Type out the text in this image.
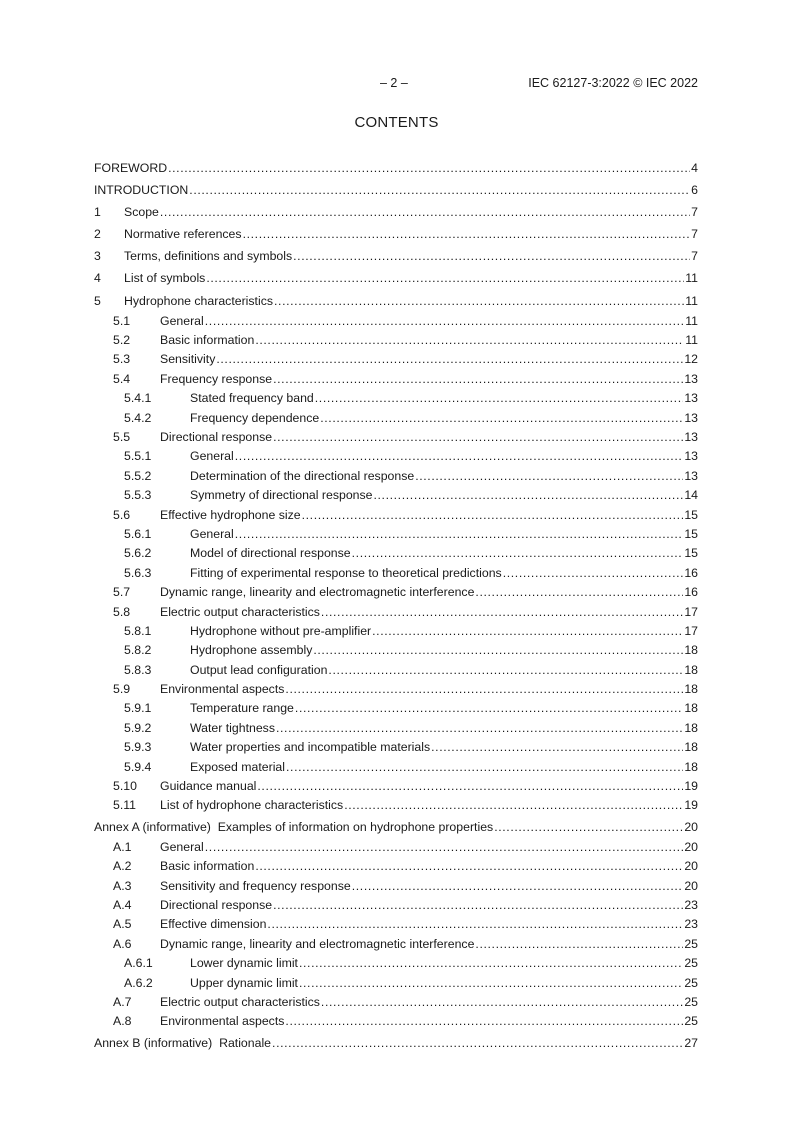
– 2 –	IEC 62127-3:2022 © IEC 2022
CONTENTS
FOREWORD . . .	4
INTRODUCTION . . .	6
1	Scope . . .	7
2	Normative references . . .	7
3	Terms, definitions and symbols . . .	7
4	List of symbols . . .	11
5	Hydrophone characteristics . . .	11
5.1	General . . .	11
5.2	Basic information . . .	11
5.3	Sensitivity . . .	12
5.4	Frequency response . . .	13
5.4.1	Stated frequency band . . .	13
5.4.2	Frequency dependence . . .	13
5.5	Directional response . . .	13
5.5.1	General . . .	13
5.5.2	Determination of the directional response . . .	13
5.5.3	Symmetry of directional response . . .	14
5.6	Effective hydrophone size . . .	15
5.6.1	General . . .	15
5.6.2	Model of directional response . . .	15
5.6.3	Fitting of experimental response to theoretical predictions . . .	16
5.7	Dynamic range, linearity and electromagnetic interference . . .	16
5.8	Electric output characteristics . . .	17
5.8.1	Hydrophone without pre-amplifier . . .	17
5.8.2	Hydrophone assembly . . .	18
5.8.3	Output lead configuration . . .	18
5.9	Environmental aspects . . .	18
5.9.1	Temperature range . . .	18
5.9.2	Water tightness . . .	18
5.9.3	Water properties and incompatible materials . . .	18
5.9.4	Exposed material . . .	18
5.10	Guidance manual . . .	19
5.11	List of hydrophone characteristics . . .	19
Annex A (informative)  Examples of information on hydrophone properties . . .	20
A.1	General . . .	20
A.2	Basic information . . .	20
A.3	Sensitivity and frequency response . . .	20
A.4	Directional response . . .	23
A.5	Effective dimension . . .	23
A.6	Dynamic range, linearity and electromagnetic interference . . .	25
A.6.1	Lower dynamic limit . . .	25
A.6.2	Upper dynamic limit . . .	25
A.7	Electric output characteristics . . .	25
A.8	Environmental aspects . . .	25
Annex B (informative)  Rationale . . .	27
